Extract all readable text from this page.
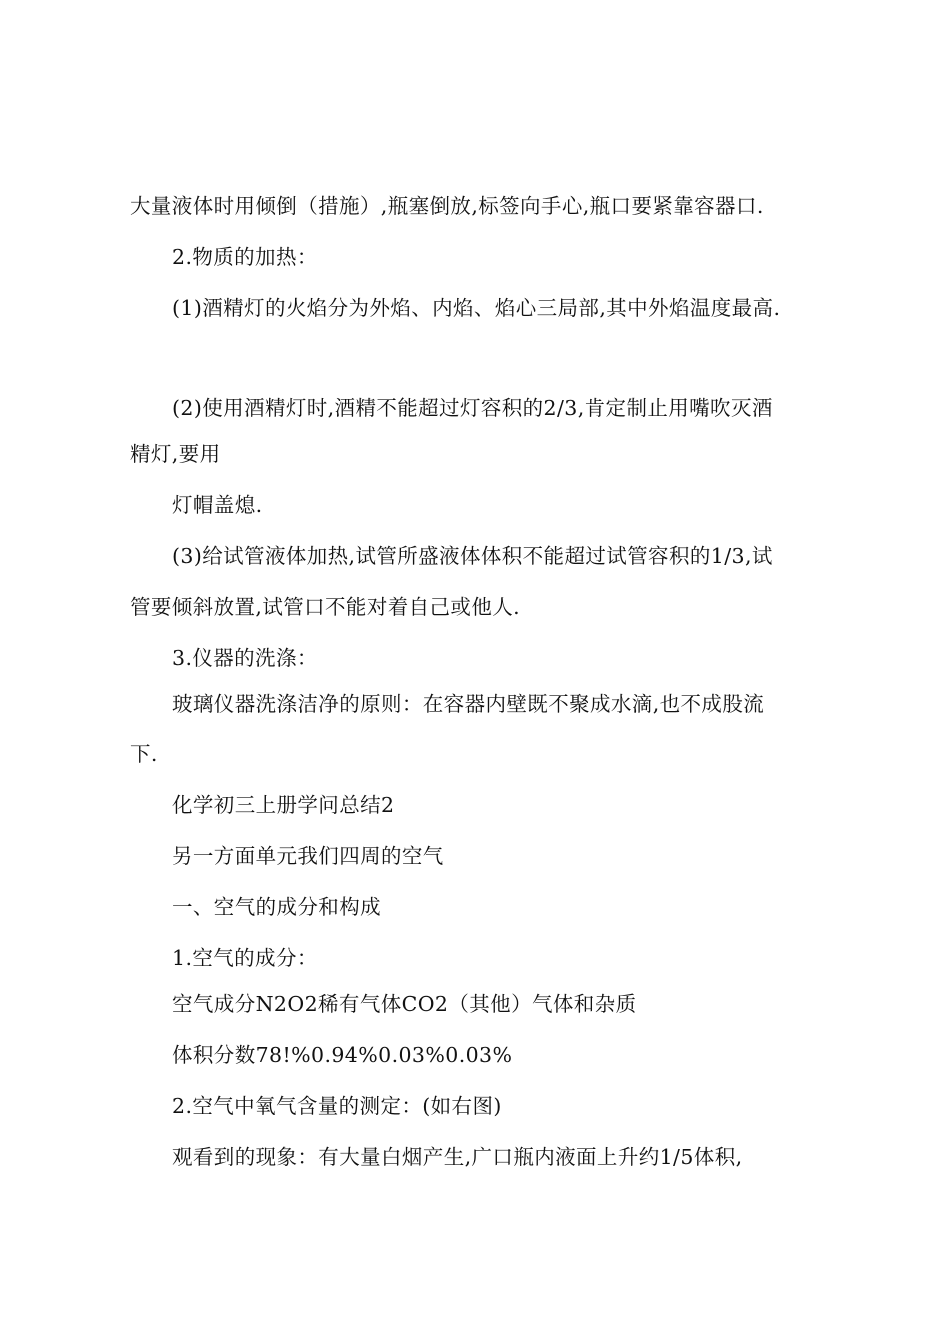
大量液体时用倾倒（措施）,瓶塞倒放,标签向手心,瓶口要紧靠容器口.
2.物质的加热：
(1)酒精灯的火焰分为外焰、内焰、焰心三局部,其中外焰温度最高.
(2)使用酒精灯时,酒精不能超过灯容积的2/3,肯定制止用嘴吹灭酒
精灯,要用
灯帽盖熄.
(3)给试管液体加热,试管所盛液体体积不能超过试管容积的1/3,试
管要倾斜放置,试管口不能对着自己或他人.
3.仪器的洗涤：
玻璃仪器洗涤洁净的原则：在容器内壁既不聚成水滴,也不成股流
下.
化学初三上册学问总结2
另一方面单元我们四周的空气
一、空气的成分和构成
1.空气的成分：
空气成分N2O2稀有气体CO2（其他）气体和杂质
体积分数78!%0.94%0.03%0.03%
2.空气中氧气含量的测定：(如右图)
观看到的现象：有大量白烟产生,广口瓶内液面上升约1/5体积,
